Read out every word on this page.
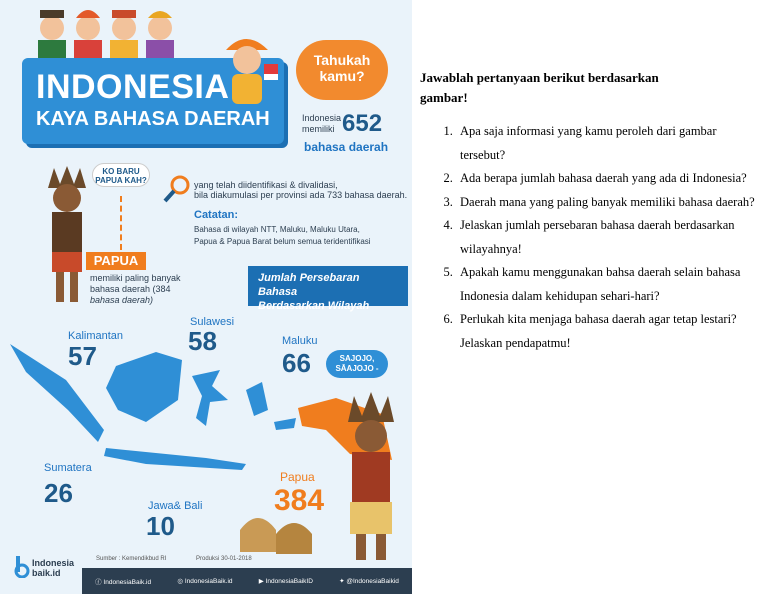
INDONESIA
KAYA BAHASA DAERAH
Tahukah kamu?
Indonesia memiliki 652
bahasa daerah
KO BARU PAPUA KAH?	yang telah diidentifikasi & divalidasi,
bila diakumulasi per provinsi ada 733 bahasa daerah.
Catatan:
Bahasa di wilayah NTT, Maluku, Maluku Utara,
Papua & Papua Barat belum semua teridentifikasi
PAPUA
memiliki paling banyak
bahasa daerah (384
bahasa daerah)
Jumlah Persebaran Bahasa
Berdasarkan Wilayah
Kalimantan
57
Sulawesi
58	Maluku
66
Sumatera
26	Jawa& Bali
10
Papua
384
SAJOJO, SĀAJOJO -
Sumber : Kemendikbud RI	Produksi 30-01-2018
Indonesia
baik.id
ⓕ IndonesiaBaik.id	◎ IndonesiaBaik.id	▶ IndonesiaBaikID	✦ @IndonesiaBaikid
Jawablah pertanyaan berikut berdasarkan
gambar!
1. Apa saja informasi yang kamu peroleh dari gambar tersebut?
2. Ada berapa jumlah bahasa daerah yang ada di Indonesia?
3. Daerah mana yang paling banyak memiliki bahasa daerah?
4. Jelaskan jumlah persebaran bahasa daerah berdasarkan wilayahnya!
5. Apakah kamu menggunakan bahsa daerah selain bahasa Indonesia dalam kehidupan sehari-hari?
6. Perlukah kita menjaga bahasa daerah agar tetap lestari? Jelaskan pendapatmu!
